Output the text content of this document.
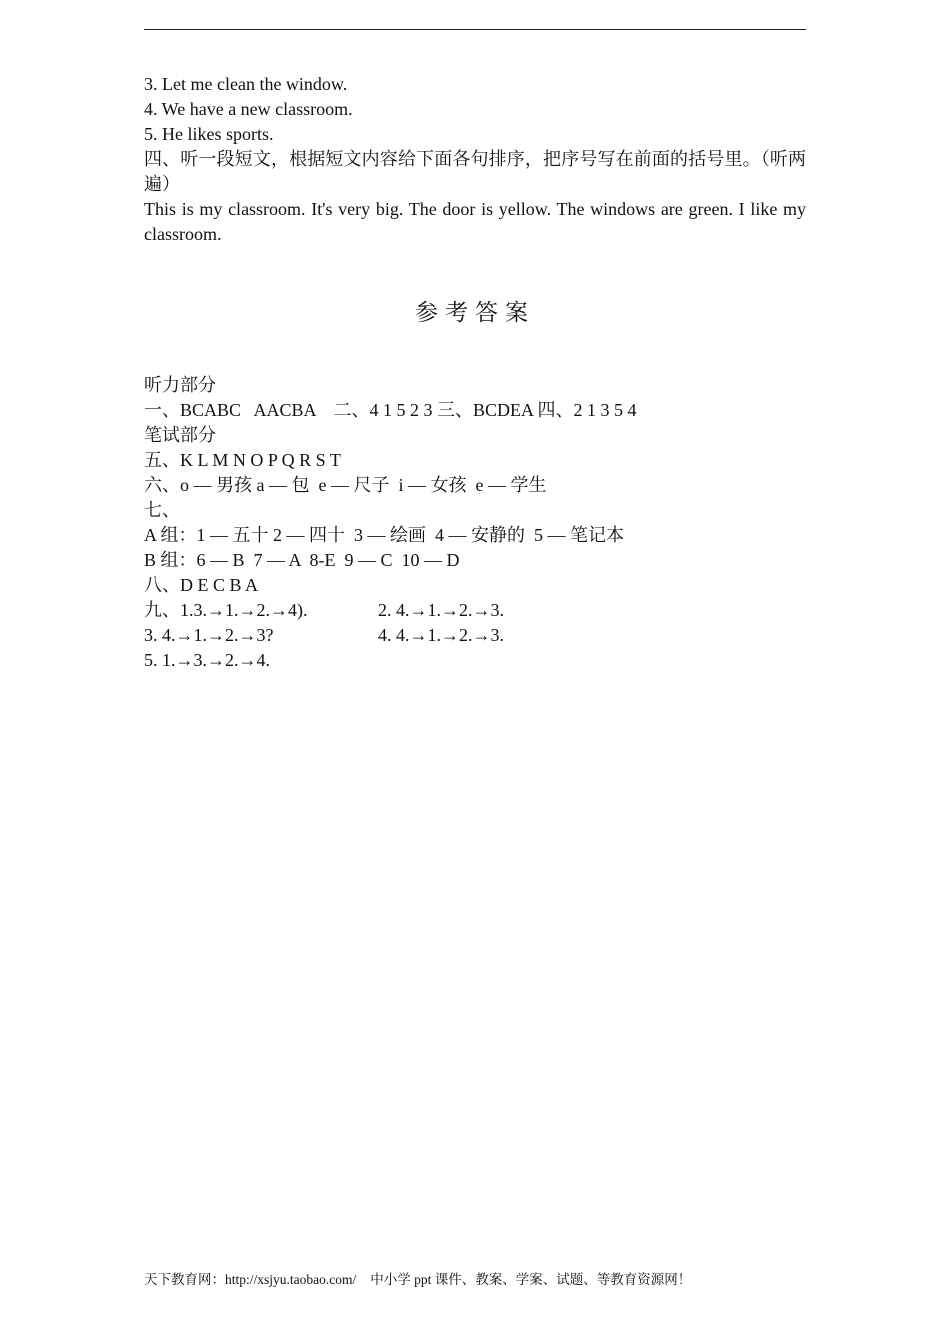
3. Let me clean the window.
4. We have a new classroom.
5. He likes sports.
四、听一段短文，根据短文内容给下面各句排序，把序号写在前面的括号里。（听两遍）
This is my classroom. It's very big. The door is yellow. The windows are green. I like my classroom.
参考答案
听力部分
一、BCABC   AACBA    二、4 1 5 2 3 三、BCDEA 四、2 1 3 5 4
笔试部分
五、K L M N O P Q R S T
六、o — 男孩 a — 包  e — 尺子  i — 女孩  e — 学生
七、
A 组：1 — 五十 2 — 四十  3 — 绘画  4 — 安静的  5 — 笔记本
B 组：6 — B  7 — A  8-E  9 — C  10 — D
八、D E C B A
九、1.3.→1.→2.→4).	2. 4.→1.→2.→3.
3. 4.→1.→2.→3?	4. 4.→1.→2.→3.
5. 1.→3.→2.→4.
天下教育网：http://xsjyu.taobao.com/ 中小学 ppt 课件、教案、学案、试题、等教育资源网！
